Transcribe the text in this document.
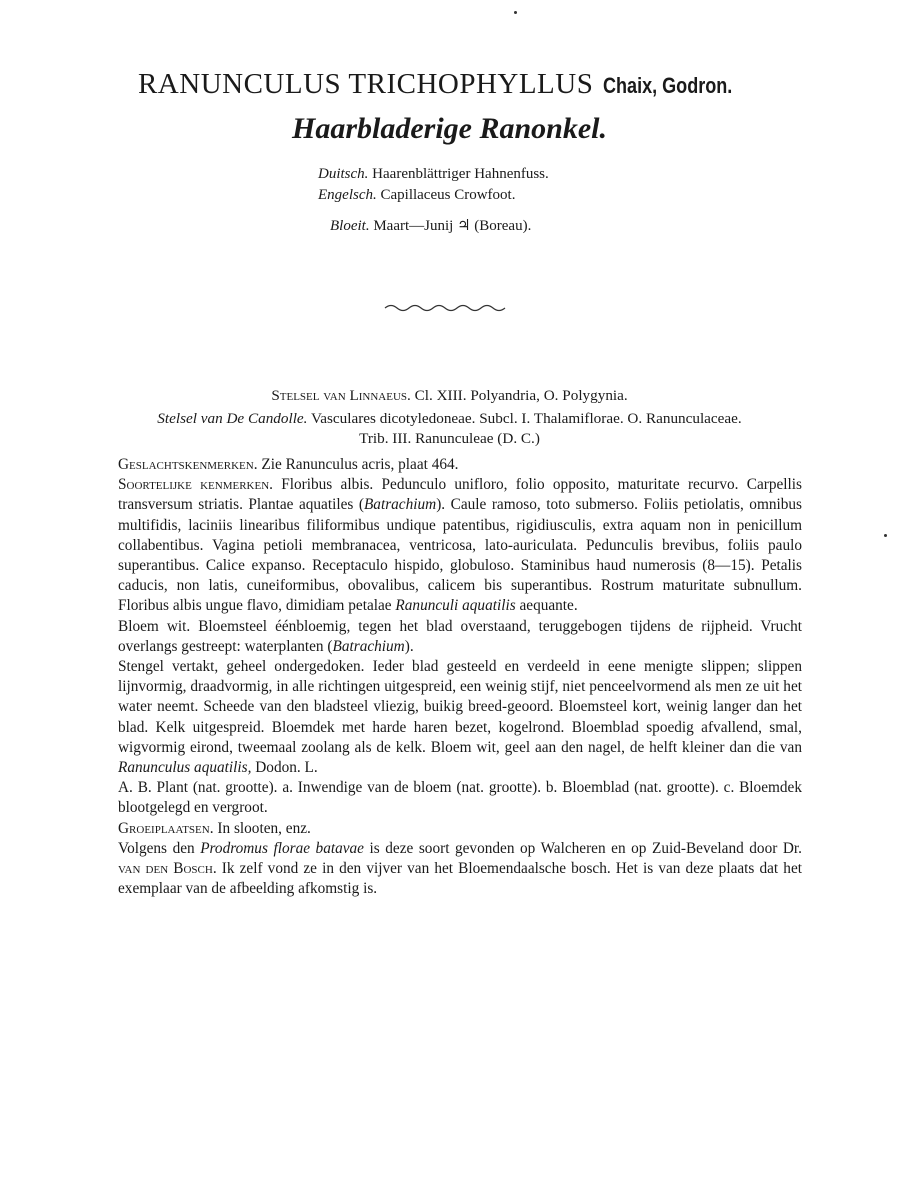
RANUNCULUS TRICHOPHYLLUS Chaix, Godron.
Haarbladerige Ranonkel.
Duitsch. Haarenblättriger Hahnenfuss.
Engelsch. Capillaceus Crowfoot.
Bloeit. Maart—Junij ♃ (Boreau).
Stelsel van Linnaeus. Cl. XIII. Polyandria, O. Polygynia.
Stelsel van De Candolle. Vasculares dicotyledoneae. Subcl. I. Thalamiflorae. O. Ranunculaceae.
Trib. III. Ranunculeae (D. C.)

Geslachtskenmerken. Zie Ranunculus acris, plaat 464.

Soortelijke kenmerken. Floribus albis. Pedunculo unifloro, folio opposito, maturitate recurvo. Carpellis transversum striatis. Plantae aquatiles (Batrachium). Caule ramoso, toto submerso. Foliis petiolatis, omnibus multifidis, laciniis linearibus filiformibus undique patentibus, rigidiusculis, extra aquam non in penicillum collabentibus. Vagina petioli membranacea, ventricosa, lato-auriculata. Pedunculis brevibus, foliis paulo superantibus. Calice expanso. Receptaculo hispido, globuloso. Staminibus haud numerosis (8—15). Petalis caducis, non latis, cuneiformibus, obovalibus, calicem bis superantibus. Rostrum maturitate subnullum. Floribus albis ungue flavo, dimidiam petalae Ranunculi aquatilis aequante.

Bloem wit. Bloemsteel éénbloemig, tegen het blad overstaand, teruggebogen tijdens de rijpheid. Vrucht overlangs gestreept: waterplanten (Batrachium).

Stengel vertakt, geheel ondergedoken. Ieder blad gesteeld en verdeeld in eene menigte slippen; slippen lijnvormig, draadvormig, in alle richtingen uitgespreid, een weinig stijf, niet penceelvormend als men ze uit het water neemt. Scheede van den bladsteel vliezig, buikig breed-geoord. Bloemsteel kort, weinig langer dan het blad. Kelk uitgespreid. Bloemdek met harde haren bezet, kogelrond. Bloemblad spoedig afvallend, smal, wigvormig eirond, tweemaal zoolang als de kelk. Bloem wit, geel aan den nagel, de helft kleiner dan die van Ranunculus aquatilis, Dodon. L.

A. B. Plant (nat. grootte). a. Inwendige van de bloem (nat. grootte). b. Bloemblad (nat. grootte). c. Bloemdek blootgelegd en vergroot.

Groeiplaatsen. In slooten, enz.

Volgens den Prodromus florae batavae is deze soort gevonden op Walcheren en op Zuid-Beveland door Dr. van den Bosch. Ik zelf vond ze in den vijver van het Bloemendaalsche bosch. Het is van deze plaats dat het exemplaar van de afbeelding afkomstig is.
